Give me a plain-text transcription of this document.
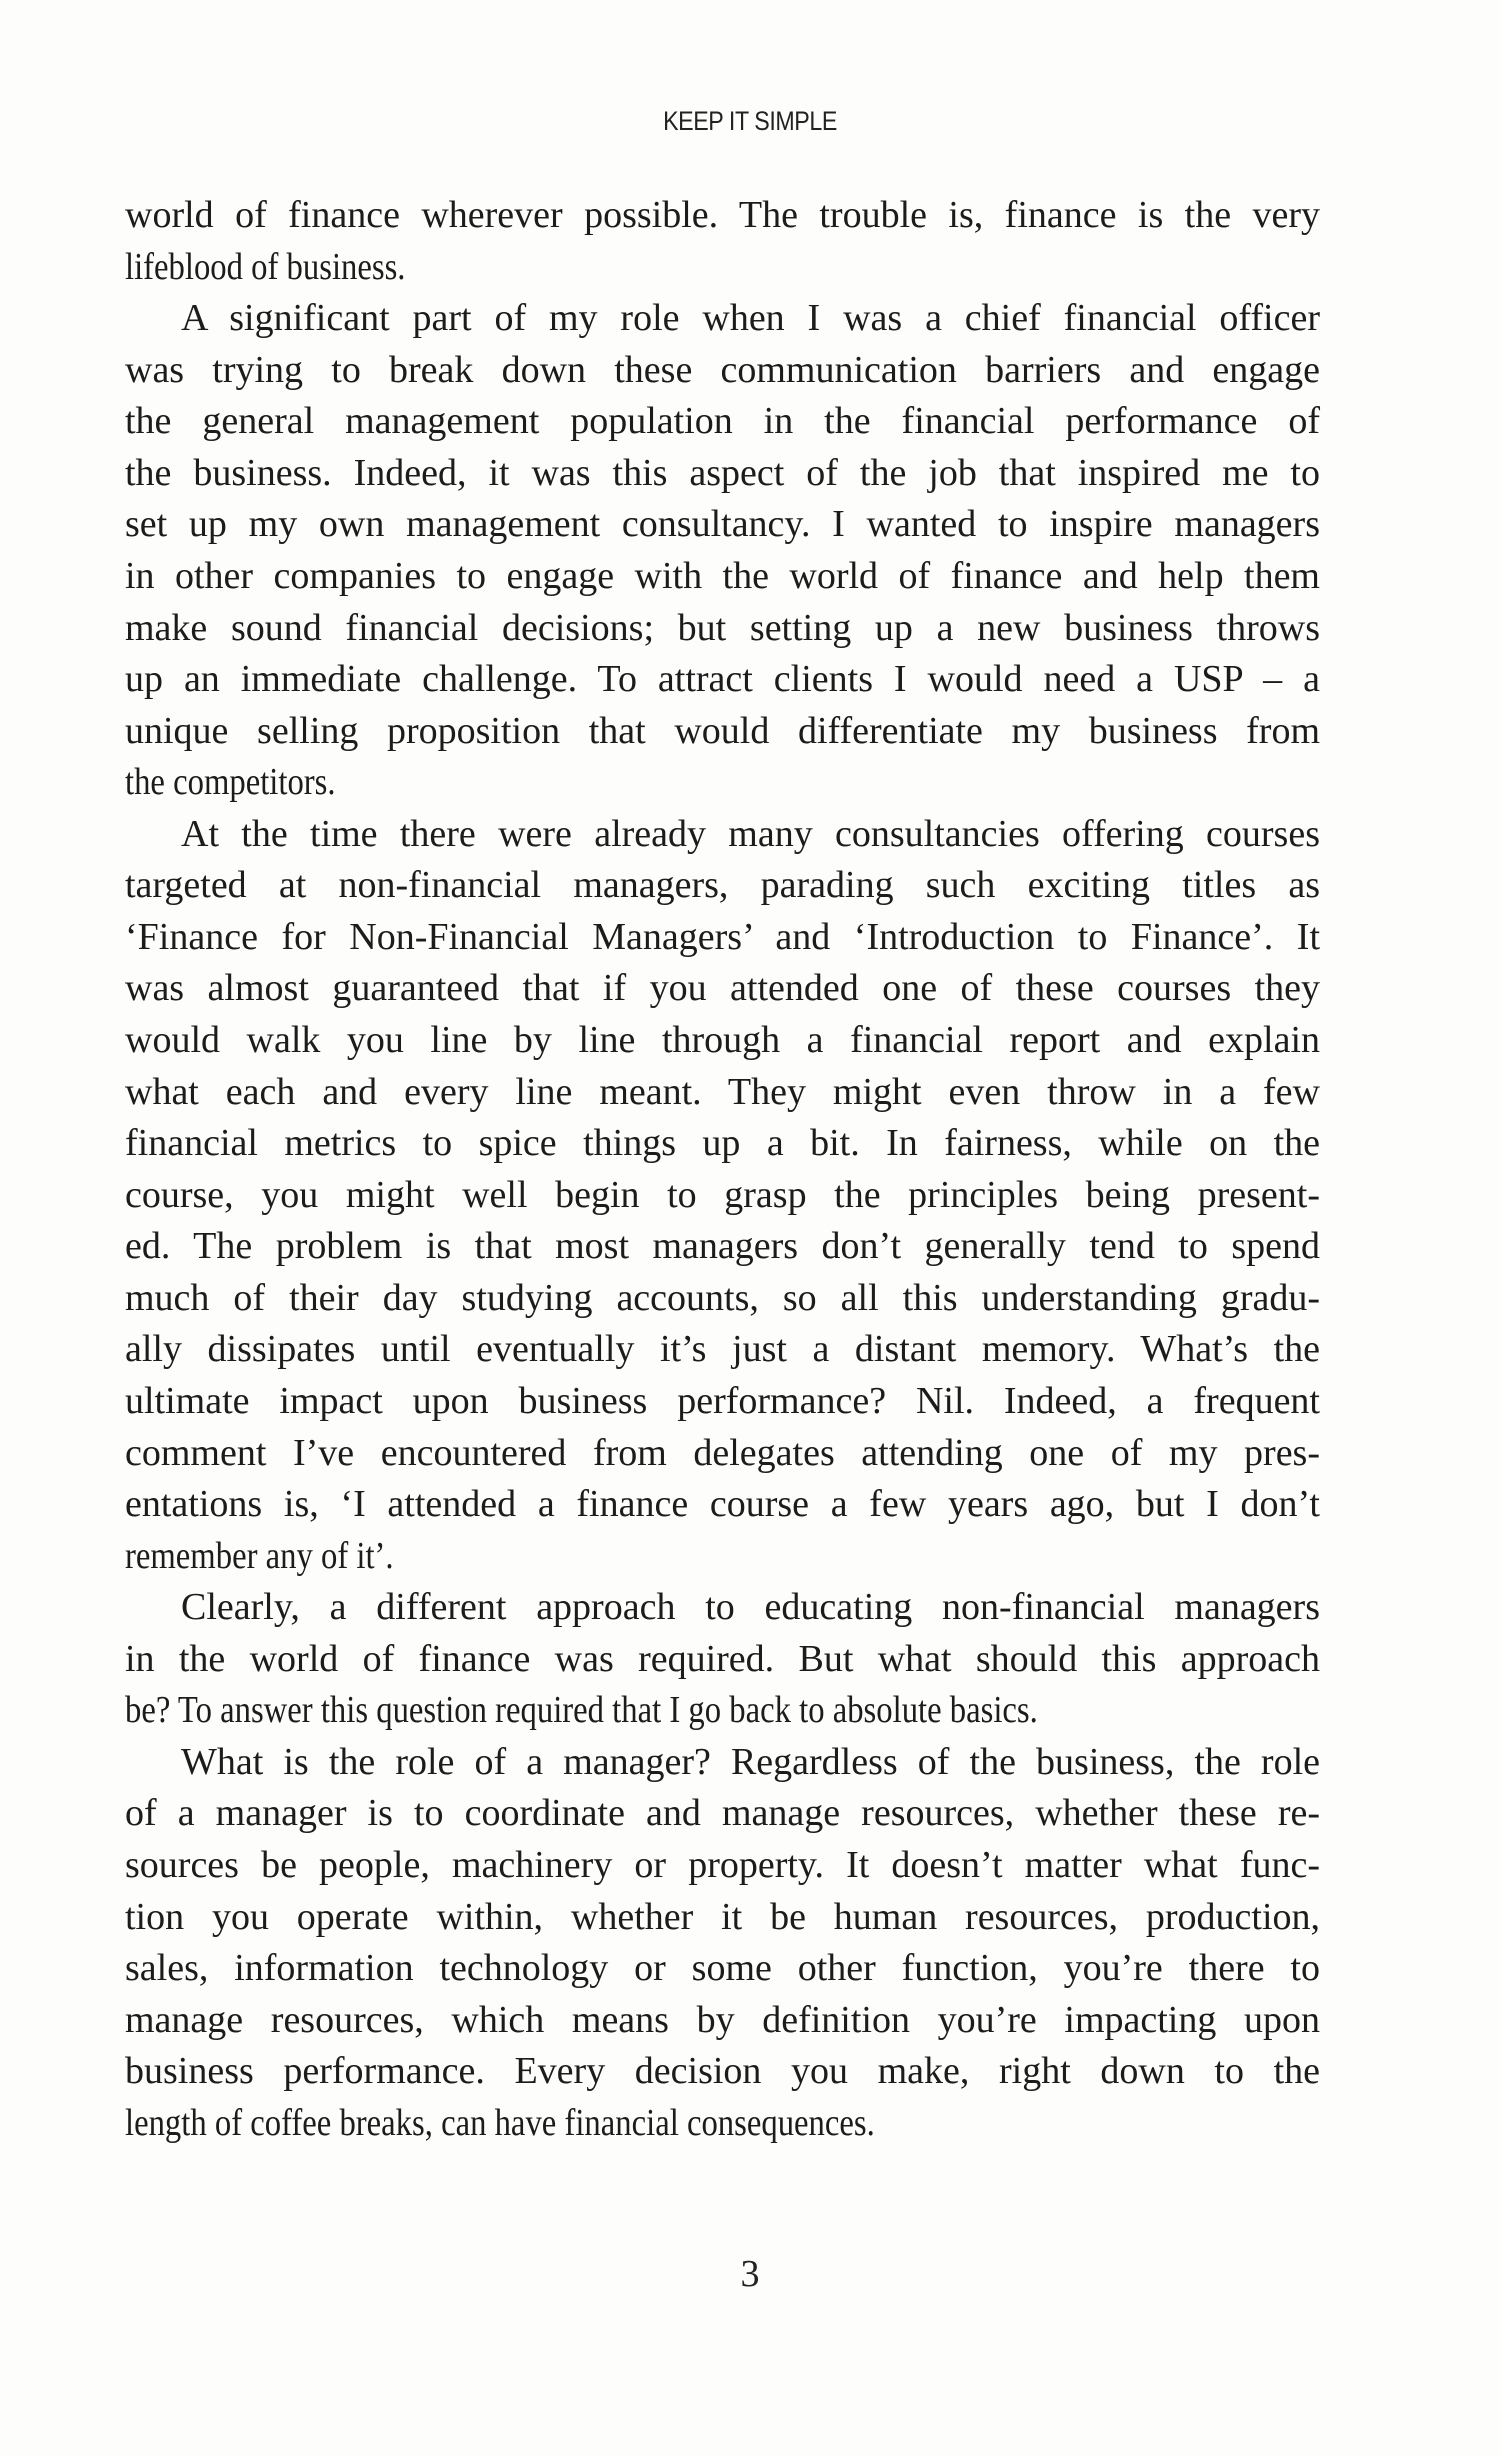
KEEP IT SIMPLE
world of finance wherever possible. The trouble is, finance is the very
lifeblood of business.
A significant part of my role when I was a chief financial officer
was trying to break down these communication barriers and engage
the general management population in the financial performance of
the business. Indeed, it was this aspect of the job that inspired me to
set up my own management consultancy. I wanted to inspire managers
in other companies to engage with the world of finance and help them
make sound financial decisions; but setting up a new business throws
up an immediate challenge. To attract clients I would need a USP – a
unique selling proposition that would differentiate my business from
the competitors.
At the time there were already many consultancies offering courses
targeted at non-financial managers, parading such exciting titles as
‘Finance for Non-Financial Managers’ and ‘Introduction to Finance’. It
was almost guaranteed that if you attended one of these courses they
would walk you line by line through a financial report and explain
what each and every line meant. They might even throw in a few
financial metrics to spice things up a bit. In fairness, while on the
course, you might well begin to grasp the principles being present-
ed. The problem is that most managers don’t generally tend to spend
much of their day studying accounts, so all this understanding gradu-
ally dissipates until eventually it’s just a distant memory. What’s the
ultimate impact upon business performance? Nil. Indeed, a frequent
comment I’ve encountered from delegates attending one of my pres-
entations is, ‘I attended a finance course a few years ago, but I don’t
remember any of it’.
Clearly, a different approach to educating non-financial managers
in the world of finance was required. But what should this approach
be? To answer this question required that I go back to absolute basics.
What is the role of a manager? Regardless of the business, the role
of a manager is to coordinate and manage resources, whether these re-
sources be people, machinery or property. It doesn’t matter what func-
tion you operate within, whether it be human resources, production,
sales, information technology or some other function, you’re there to
manage resources, which means by definition you’re impacting upon
business performance. Every decision you make, right down to the
length of coffee breaks, can have financial consequences.
3
